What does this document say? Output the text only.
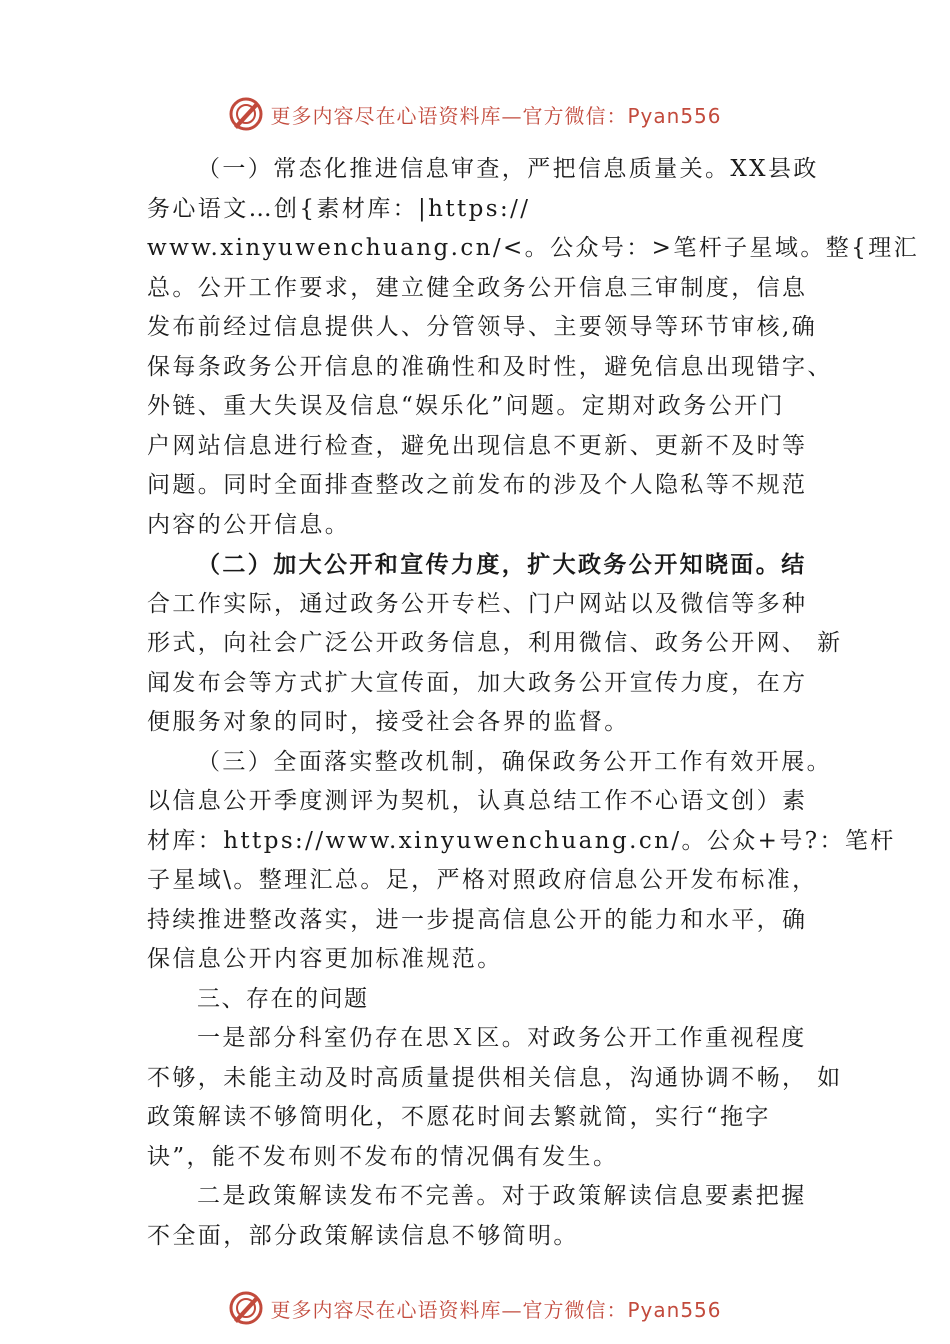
更多内容尽在心语资料库—官方微信：Pyan556
（一）常态化推进信息审查，严把信息质量关。XX县政
务心语文…创{素材库：|https://
www.xinyuwenchuang.cn/<。公众号：>笔杆子星域。整{理汇
总。公开工作要求，建立健全政务公开信息三审制度，信息
发布前经过信息提供人、分管领导、主要领导等环节审核,确
保每条政务公开信息的准确性和及时性，避免信息出现错字、
外链、重大失误及信息“娱乐化”问题。定期对政务公开门
户网站信息进行检查，避免出现信息不更新、更新不及时等
问题。同时全面排查整改之前发布的涉及个人隐私等不规范
内容的公开信息。
（二）加大公开和宣传力度，扩大政务公开知晓面。结
合工作实际，通过政务公开专栏、门户网站以及微信等多种
形式，向社会广泛公开政务信息，利用微信、政务公开网、 新
闻发布会等方式扩大宣传面，加大政务公开宣传力度，在方
便服务对象的同时，接受社会各界的监督。
（三）全面落实整改机制，确保政务公开工作有效开展。
以信息公开季度测评为契机，认真总结工作不心语文创）素
材库：https://www.xinyuwenchuang.cn/。公众+号?：笔杆
子星域\。整理汇总。足，严格对照政府信息公开发布标准，
持续推进整改落实，进一步提高信息公开的能力和水平，确
保信息公开内容更加标准规范。
三、存在的问题
一是部分科室仍存在思Ｘ区。对政务公开工作重视程度
不够，未能主动及时高质量提供相关信息，沟通协调不畅， 如
政策解读不够简明化，不愿花时间去繁就简，实行“拖字
诀”，能不发布则不发布的情况偶有发生。
二是政策解读发布不完善。对于政策解读信息要素把握
不全面，部分政策解读信息不够简明。
更多内容尽在心语资料库—官方微信：Pyan556
